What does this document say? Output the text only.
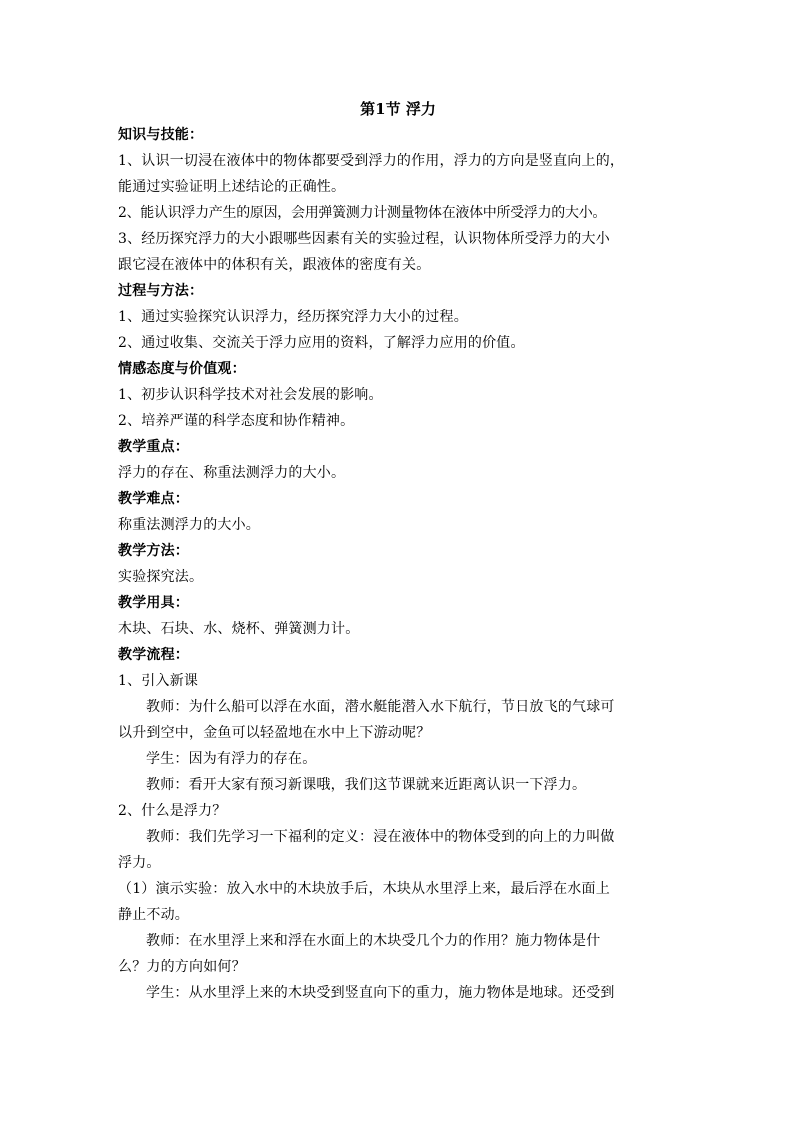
第1节 浮力
知识与技能：
1、认识一切浸在液体中的物体都要受到浮力的作用，浮力的方向是竖直向上的，
能通过实验证明上述结论的正确性。
2、能认识浮力产生的原因，会用弹簧测力计测量物体在液体中所受浮力的大小。
3、经历探究浮力的大小跟哪些因素有关的实验过程，认识物体所受浮力的大小
跟它浸在液体中的体积有关，跟液体的密度有关。
过程与方法：
1、通过实验探究认识浮力，经历探究浮力大小的过程。
2、通过收集、交流关于浮力应用的资料，了解浮力应用的价值。
情感态度与价值观：
1、初步认识科学技术对社会发展的影响。
2、培养严谨的科学态度和协作精神。
教学重点：
浮力的存在、称重法测浮力的大小。
教学难点：
称重法测浮力的大小。
教学方法：
实验探究法。
教学用具：
木块、石块、水、烧杯、弹簧测力计。
教学流程：
1、引入新课
教师：为什么船可以浮在水面，潜水艇能潜入水下航行，节日放飞的气球可
以升到空中，金鱼可以轻盈地在水中上下游动呢？
学生：因为有浮力的存在。
教师：看开大家有预习新课哦，我们这节课就来近距离认识一下浮力。
2、什么是浮力？
教师：我们先学习一下福利的定义：浸在液体中的物体受到的向上的力叫做
浮力。
（1）演示实验：放入水中的木块放手后，木块从水里浮上来，最后浮在水面上
静止不动。
教师：在水里浮上来和浮在水面上的木块受几个力的作用？施力物体是什
么？力的方向如何？
学生：从水里浮上来的木块受到竖直向下的重力，施力物体是地球。还受到
